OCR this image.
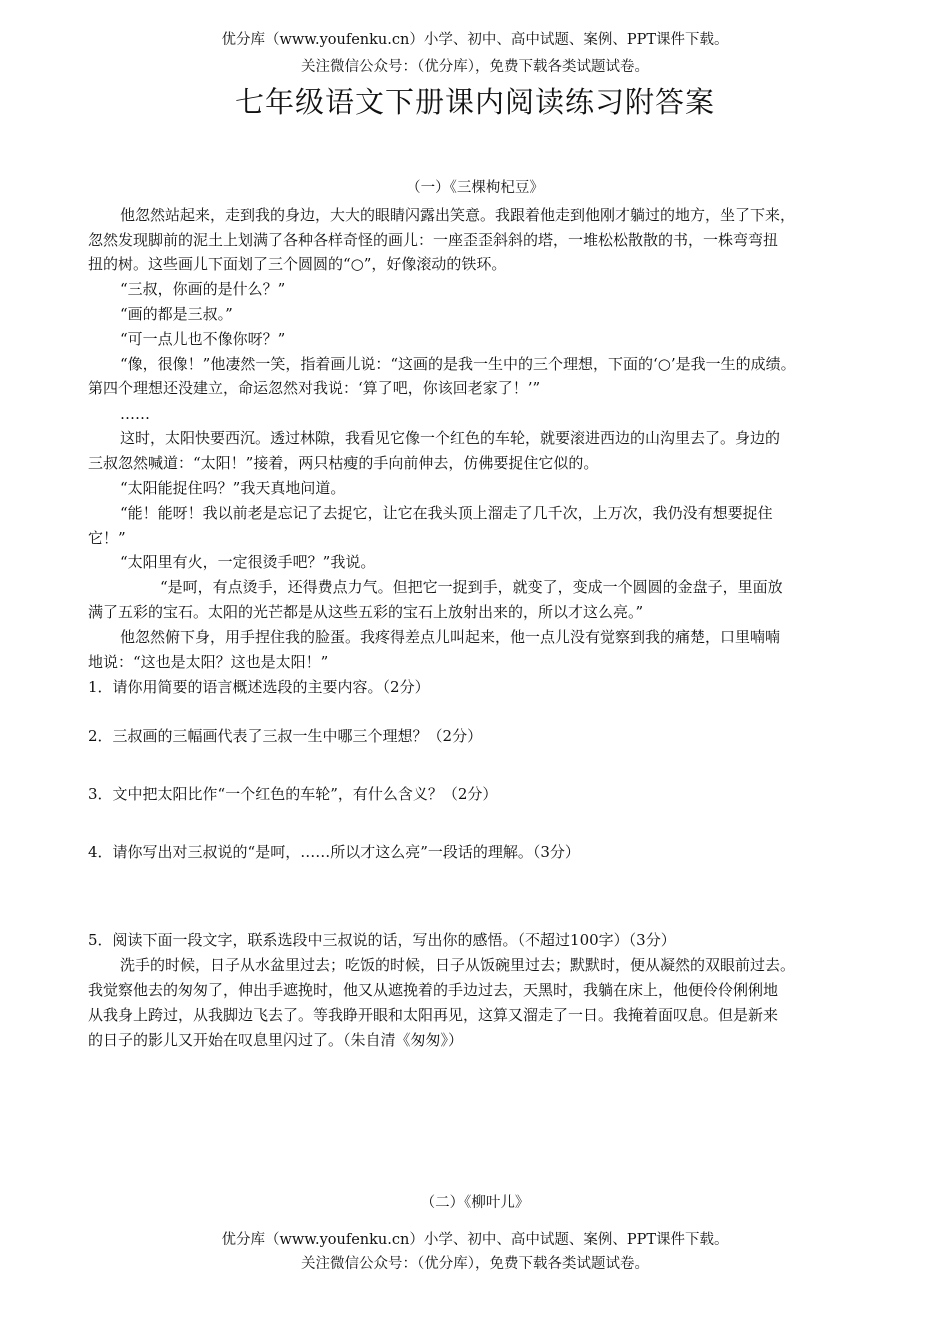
优分库（www.youfenku.cn）小学、初中、高中试题、案例、PPT课件下载。
关注微信公众号：（优分库），免费下载各类试题试卷。
七年级语文下册课内阅读练习附答案
（一）《三棵枸杞豆》
他忽然站起来，走到我的身边，大大的眼睛闪露出笑意。我跟着他走到他刚才躺过的地方，坐了下来，
忽然发现脚前的泥土上划满了各种各样奇怪的画儿：一座歪歪斜斜的塔，一堆松松散散的书，一株弯弯扭
扭的树。这些画儿下面划了三个圆圆的“○”，好像滚动的铁环。
“三叔，你画的是什么？”
“画的都是三叔。”
“可一点儿也不像你呀？”
“像，很像！”他凄然一笑，指着画儿说：“这画的是我一生中的三个理想，下面的‘○’是我一生的成绩。
第四个理想还没建立，命运忽然对我说：‘算了吧，你该回老家了！’”
……
这时，太阳快要西沉。透过林隙，我看见它像一个红色的车轮，就要滚进西边的山沟里去了。身边的
三叔忽然喊道：“太阳！”接着，两只枯瘦的手向前伸去，仿佛要捉住它似的。
“太阳能捉住吗？”我天真地问道。
“能！能呀！我以前老是忘记了去捉它，让它在我头顶上溜走了几千次，上万次，我仍没有想要捉住
它！”
“太阳里有火，一定很烫手吧？”我说。
“是呵，有点烫手，还得费点力气。但把它一捉到手，就变了，变成一个圆圆的金盘子，里面放
满了五彩的宝石。太阳的光芒都是从这些五彩的宝石上放射出来的，所以才这么亮。”
他忽然俯下身，用手捏住我的脸蛋。我疼得差点儿叫起来，他一点儿没有觉察到我的痛楚，口里喃喃
地说：“这也是太阳？这也是太阳！”
1．请你用简要的语言概述选段的主要内容。（2分）
2．三叔画的三幅画代表了三叔一生中哪三个理想？（2分）
3．文中把太阳比作“一个红色的车轮”，有什么含义？（2分）
4．请你写出对三叔说的“是呵，……所以才这么亮”一段话的理解。（3分）
5．阅读下面一段文字，联系选段中三叔说的话，写出你的感悟。（不超过100字）（3分）
洗手的时候，日子从水盆里过去；吃饭的时候，日子从饭碗里过去；默默时，便从凝然的双眼前过去。
我觉察他去的匆匆了，伸出手遮挽时，他又从遮挽着的手边过去，天黑时，我躺在床上，他便伶伶俐俐地
从我身上跨过，从我脚边飞去了。等我睁开眼和太阳再见，这算又溜走了一日。我掩着面叹息。但是新来
的日子的影儿又开始在叹息里闪过了。（朱自清《匆匆》）
（二）《柳叶儿》
优分库（www.youfenku.cn）小学、初中、高中试题、案例、PPT课件下载。
关注微信公众号：（优分库），免费下载各类试题试卷。
